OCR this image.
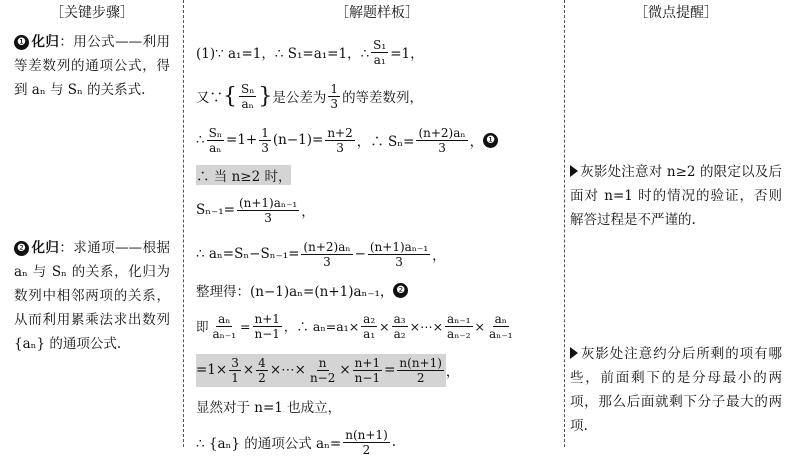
［ 关键步骤 ］
❶ 化归：用公式——利用等差数列的通项公式，得到 aₙ 与 Sₙ 的关系式.
❷ 化归：求通项——根据 aₙ 与 Sₙ 的关系，化归为数列中相邻两项的关系，从而利用累乘法求出数列 {aₙ} 的通项公式.
［ 解题样板 ］
(1)∵ a₁=1，∴ S₁=a₁=1，∴ $\frac{\text{S₁}}{\text{a₁}} =1$，
又∵ { $\frac{\text{Sₙ}}{\text{aₙ}}$ } 是公差为 $\frac{1}{3}$ 的等差数列，
∴ $\frac{\text{Sₙ}}{\text{aₙ}} =1+ \frac{1}{3} (n-1)= \frac{n+2}{3}$ ，∴ $S_n= \frac{\text{(n+2)aₙ}}{3}$ ， ❶
∴ 当 n≥2 时，
$S_{n-1}= \frac{\text{(n+1)aₙ₋₁}}{3}$ ，
∴ $a_n=S_n-S_{n-1}= \frac{\text{(n+2)aₙ}}{3} - \frac{\text{(n+1)aₙ₋₁}}{3}$ ，
整理得：(n−1)aₙ=(n+1)aₙ₋₁， ❷
即 $\frac{\text{aₙ}}{\text{aₙ₋₁}} = \frac{n+1}{n-1}$ ，∴ $a_n=a_1\times \frac{\text{a₂}}{\text{a₁}} \times \frac{\text{a₃}}{\text{a₂}}$ ×⋯× $\frac{\text{aₙ₋₁}}{\text{aₙ₋₂}} \times \frac{\text{aₙ}}{\text{aₙ₋₁}}$
$=1\times \frac{3}{1} \times \frac{4}{2}$ ×⋯× $\frac{n}{n-2} \times \frac{n+1}{n-1} = \frac{n(n+1)}{2}$ ，
显然对于 n=1 也成立，
∴ {aₙ} 的通项公式 $a_n= \frac{n(n+1)}{2}$ .
［ 微点提醒 ］
灰影处注意对 n≥2 的限定以及后面对 n=1 时的情况的验证，否则解答过程是不严谨的.
灰影处注意约分后所剩的项有哪些，前面剩下的是分母最小的两项，那么后面就剩下分子最大的两项.
